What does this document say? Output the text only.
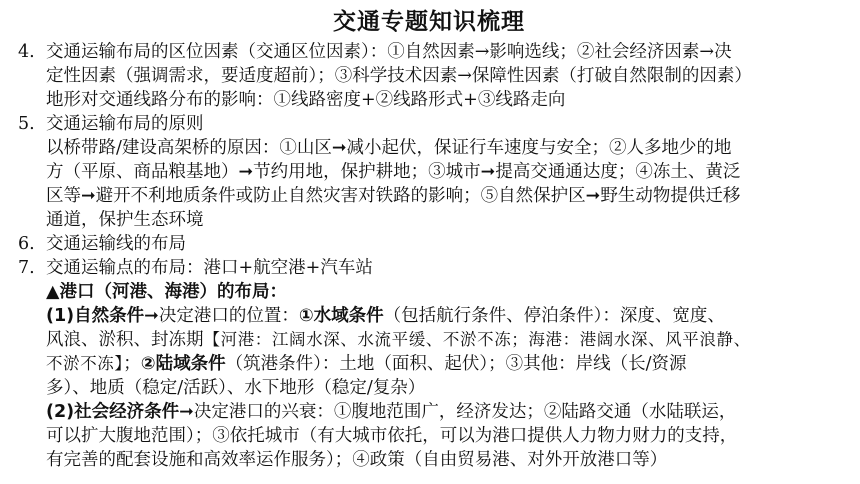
交通专题知识梳理
4. 交通运输布局的区位因素（交通区位因素）：①自然因素→影响选线；②社会经济因素→决
定性因素（强调需求，要适度超前）；③科学技术因素→保障性因素（打破自然限制的因素）
地形对交通线路分布的影响：①线路密度+②线路形式+③线路走向
5. 交通运输布局的原则
以桥带路/建设高架桥的原因：①山区➞减小起伏，保证行车速度与安全；②人多地少的地
方（平原、商品粮基地）➞节约用地，保护耕地；③城市➞提高交通通达度；④冻土、黄泛
区等➞避开不利地质条件或防止自然灾害对铁路的影响；⑤自然保护区➞野生动物提供迁移
通道，保护生态环境
6. 交通运输线的布局
7. 交通运输点的布局：港口+航空港+汽车站
▲港口（河港、海港）的布局：
(1)自然条件➞决定港口的位置：①水域条件（包括航行条件、停泊条件）：深度、宽度、
风浪、淤积、封冻期【河港：江阔水深、水流平缓、不淤不冻；海港：港阔水深、风平浪静、
不淤不冻】；②陆域条件（筑港条件）：土地（面积、起伏）；③其他：岸线（长/资源
多）、地质（稳定/活跃）、水下地形（稳定/复杂）
(2)社会经济条件➞决定港口的兴衰：①腹地范围广，经济发达；②陆路交通（水陆联运，
可以扩大腹地范围）；③依托城市（有大城市依托，可以为港口提供人力物力财力的支持，
有完善的配套设施和高效率运作服务）；④政策（自由贸易港、对外开放港口等）
